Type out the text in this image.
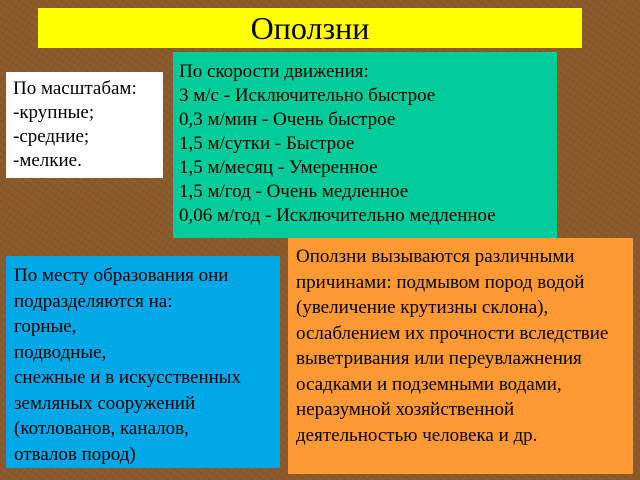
Оползни
По скорости движения:
3 м/с - Исключительно быстрое
0,3 м/мин - Очень быстрое
1,5 м/сутки - Быстрое
1,5 м/месяц - Умеренное
1,5 м/год - Очень медленное
0,06 м/год - Исключительно медленное
По масштабам:
-крупные;
-средние;
-мелкие.
Оползни вызываются различными причинами: подмывом пород водой (увеличение крутизны склона), ослаблением их прочности вследствие выветривания или переувлажнения осадками и подземными водами, неразумной хозяйственной деятельностью человека и др.
По месту образования они
подразделяются на:
горные,
подводные,
снежные и в искусственных
земляных сооружений
(котлованов, каналов,
отвалов пород)
